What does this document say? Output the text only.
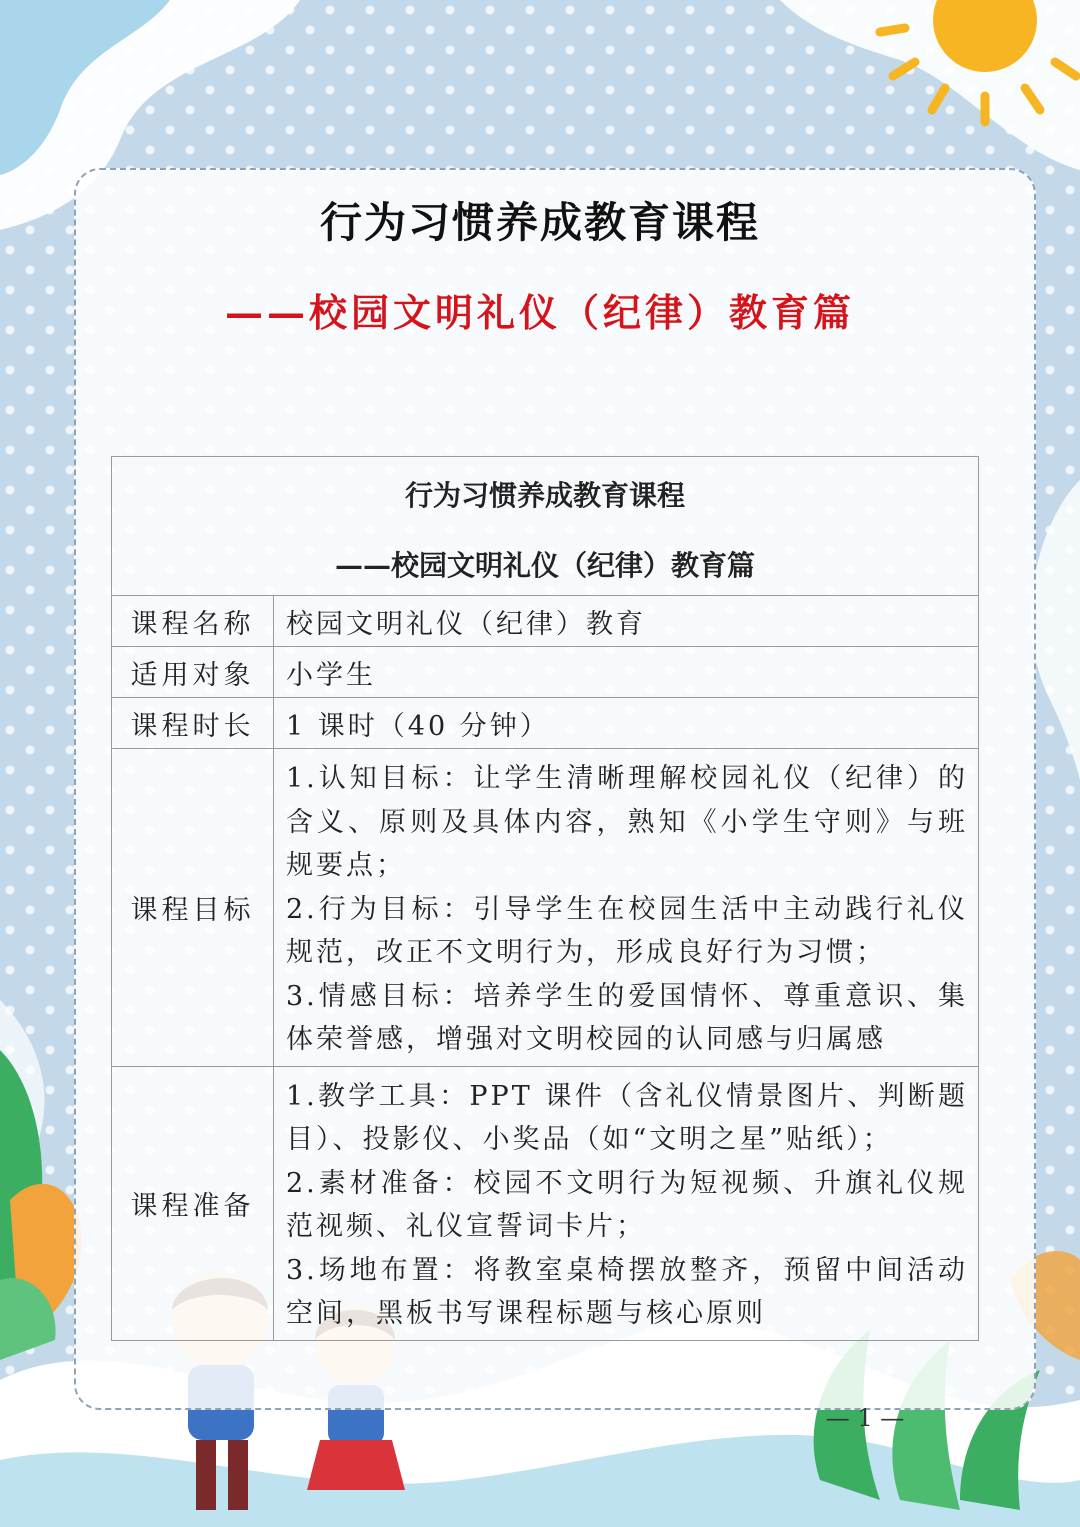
行为习惯养成教育课程
——校园文明礼仪（纪律）教育篇
行为习惯养成教育课程
——校园文明礼仪（纪律）教育篇	

课程名称	校园文明礼仪（纪律）教育
适用对象	小学生
课程时长	1 课时（40 分钟）
课程目标	1.认知目标：让学生清晰理解校园礼仪（纪律）的含义、原则及具体内容，熟知《小学生守则》与班规要点；
2.行为目标：引导学生在校园生活中主动践行礼仪规范，改正不文明行为，形成良好行为习惯；
3.情感目标：培养学生的爱国情怀、尊重意识、集体荣誉感，增强对文明校园的认同感与归属感

课程准备	1.教学工具：PPT 课件（含礼仪情景图片、判断题目）、投影仪、小奖品（如“文明之星”贴纸）；
2.素材准备：校园不文明行为短视频、升旗礼仪规范视频、礼仪宣誓词卡片；
3.场地布置：将教室桌椅摆放整齐，预留中间活动空间，黑板书写课程标题与核心原则
— 1 —
